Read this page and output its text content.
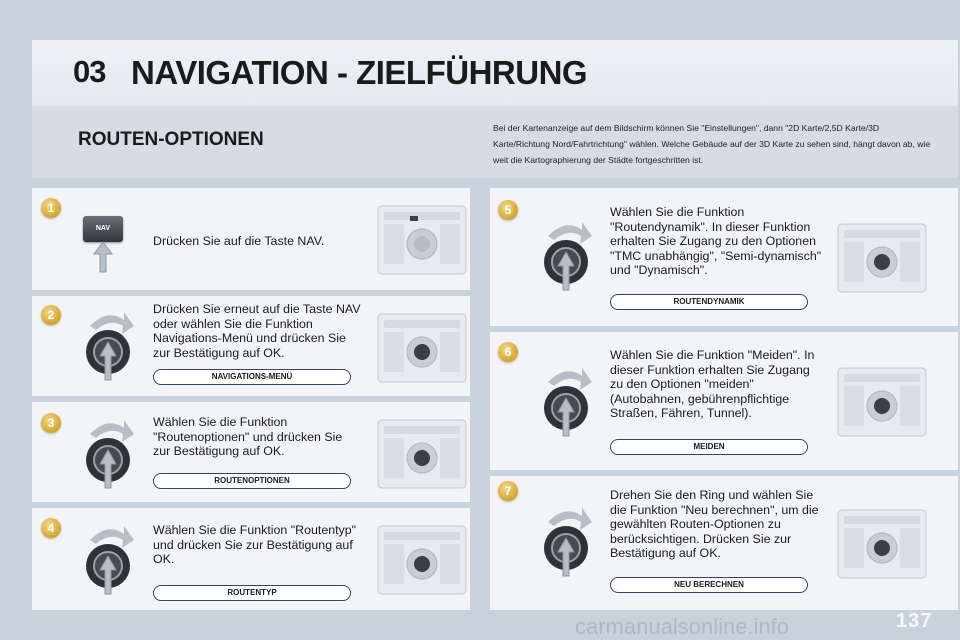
03 NAVIGATION - ZIELFÜHRUNG
ROUTEN-OPTIONEN
Bei der Kartenanzeige auf dem Bildschirm können Sie "Einstellungen", dann "2D Karte/2,5D Karte/3D Karte/Richtung Nord/Fahrtrichtung" wählen. Welche Gebäude auf der 3D Karte zu sehen sind, hängt davon ab, wie weit die Kartographierung der Städte fortgeschritten ist.
1
2
3
4
5
6
7
NAV
Drücken Sie auf die Taste NAV.
Drücken Sie erneut auf die Taste NAV oder wählen Sie die Funktion Navigations-Menü und drücken Sie zur Bestätigung auf OK.
Wählen Sie die Funktion "Routenoptionen" und drücken Sie zur Bestätigung auf OK.
Wählen Sie die Funktion "Routentyp" und drücken Sie zur Bestätigung auf OK.
Wählen Sie die Funktion "Routendynamik". In dieser Funktion erhalten Sie Zugang zu den Optionen "TMC unabhängig", "Semi-dynamisch" und "Dynamisch".
Wählen Sie die Funktion "Meiden". In dieser Funktion erhalten Sie Zugang zu den Optionen "meiden" (Autobahnen, gebührenpflichtige Straßen, Fähren, Tunnel).
Drehen Sie den Ring und wählen Sie die Funktion "Neu berechnen", um die gewählten Routen-Optionen zu berücksichtigen. Drücken Sie zur Bestätigung auf OK.
NAVIGATIONS-MENÜ
ROUTENOPTIONEN
ROUTENTYP
ROUTENDYNAMIK
MEIDEN
NEU BERECHNEN
carmanualsonline.info	137
